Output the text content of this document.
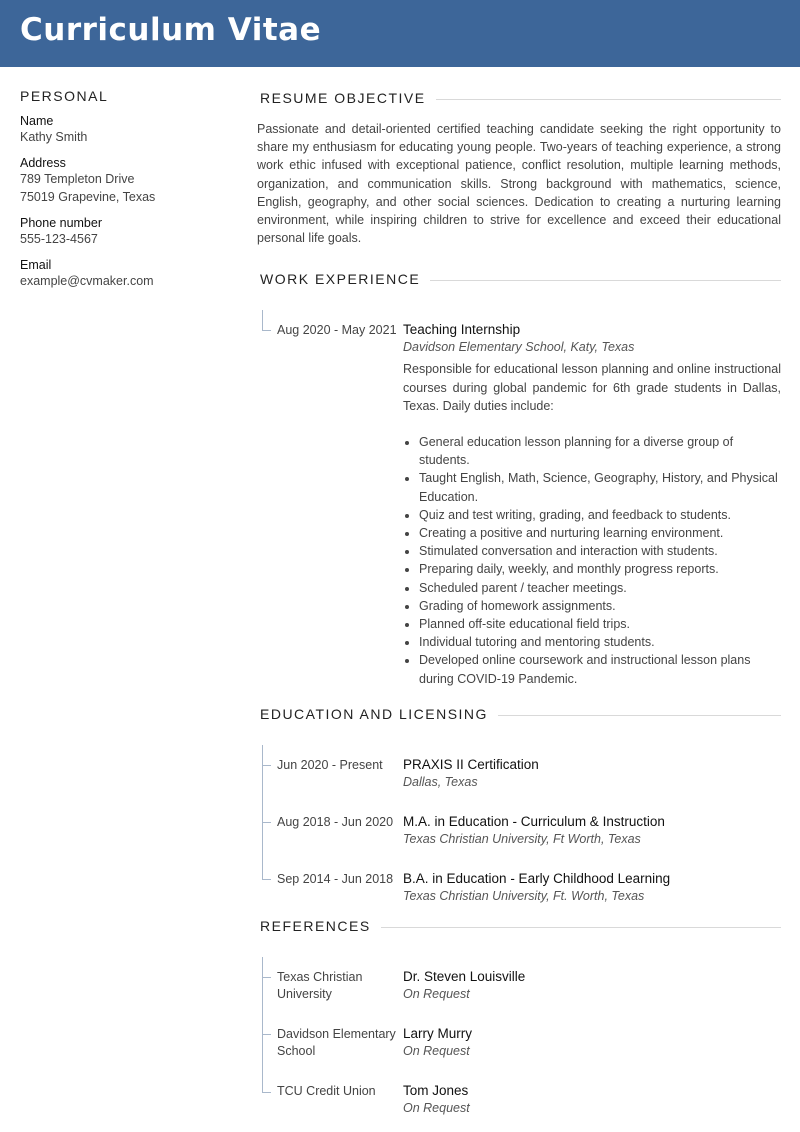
Curriculum Vitae
PERSONAL
Name
Kathy Smith
Address
789 Templeton Drive
75019 Grapevine, Texas
Phone number
555-123-4567
Email
example@cvmaker.com
RESUME OBJECTIVE
Passionate and detail-oriented certified teaching candidate seeking the right opportunity to share my enthusiasm for educating young people. Two-years of teaching experience, a strong work ethic infused with exceptional patience, conflict resolution, multiple learning methods, organization, and communication skills. Strong background with mathematics, science, English, geography, and other social sciences. Dedication to creating a nurturing learning environment, while inspiring children to strive for excellence and exceed their educational personal life goals.
WORK EXPERIENCE
Aug 2020 - May 2021 Teaching Internship
Davidson Elementary School, Katy, Texas
Responsible for educational lesson planning and online instructional courses during global pandemic for 6th grade students in Dallas, Texas. Daily duties include:
• General education lesson planning for a diverse group of students.
• Taught English, Math, Science, Geography, History, and Physical Education.
• Quiz and test writing, grading, and feedback to students.
• Creating a positive and nurturing learning environment.
• Stimulated conversation and interaction with students.
• Preparing daily, weekly, and monthly progress reports.
• Scheduled parent / teacher meetings.
• Grading of homework assignments.
• Planned off-site educational field trips.
• Individual tutoring and mentoring students.
• Developed online coursework and instructional lesson plans during COVID-19 Pandemic.
EDUCATION AND LICENSING
Jun 2020 - Present	PRAXIS II Certification
Dallas, Texas
Aug 2018 - Jun 2020 M.A. in Education - Curriculum & Instruction
Texas Christian University, Ft Worth, Texas
Sep 2014 - Jun 2018 B.A. in Education - Early Childhood Learning
Texas Christian University, Ft. Worth, Texas
REFERENCES
Texas Christian University
Dr. Steven Louisville
On Request
Davidson Elementary School
Larry Murry
On Request
TCU Credit Union	Tom Jones
On Request
